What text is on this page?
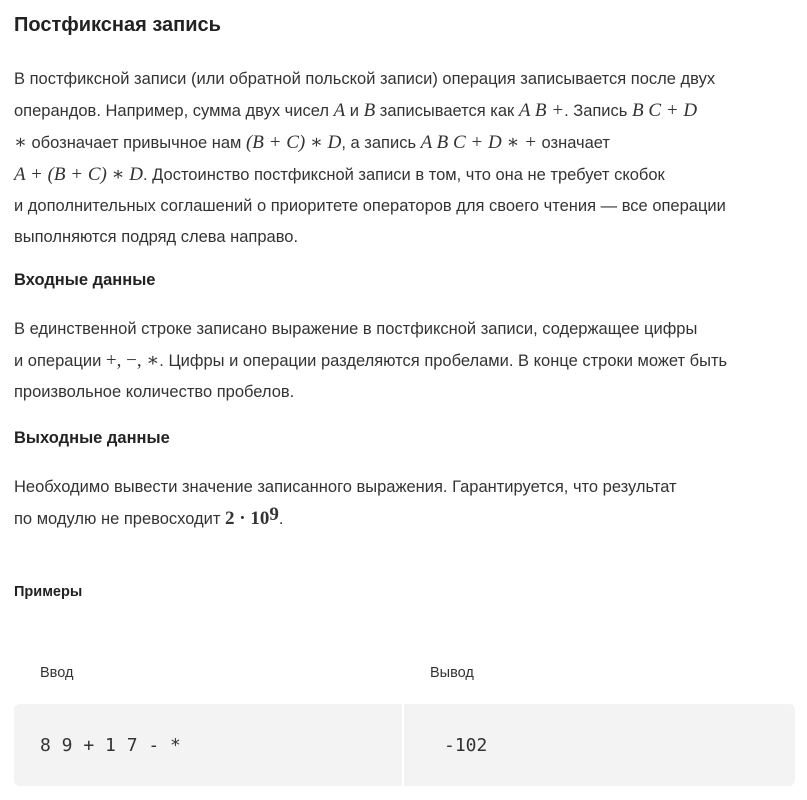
Постфиксная запись
В постфиксной записи (или обратной польской записи) операция записывается после двух
операндов. Например, сумма двух чисел A и B записывается как A B +. Запись B C + D
∗ обозначает привычное нам (B + C) ∗ D, а запись A B C + D ∗ + означает
A + (B + C) ∗ D. Достоинство постфиксной записи в том, что она не требует скобок
и дополнительных соглашений о приоритете операторов для своего чтения — все операции
выполняются подряд слева направо.
Входные данные
В единственной строке записано выражение в постфиксной записи, содержащее цифры
и операции +, −, ∗. Цифры и операции разделяются пробелами. В конце строки может быть
произвольное количество пробелов.
Выходные данные
Необходимо вывести значение записанного выражения. Гарантируется, что результат
по модулю не превосходит $2 \cdot 10^9$.
Примеры
Ввод	Вывод
8 9 + 1 7 - *	-102
